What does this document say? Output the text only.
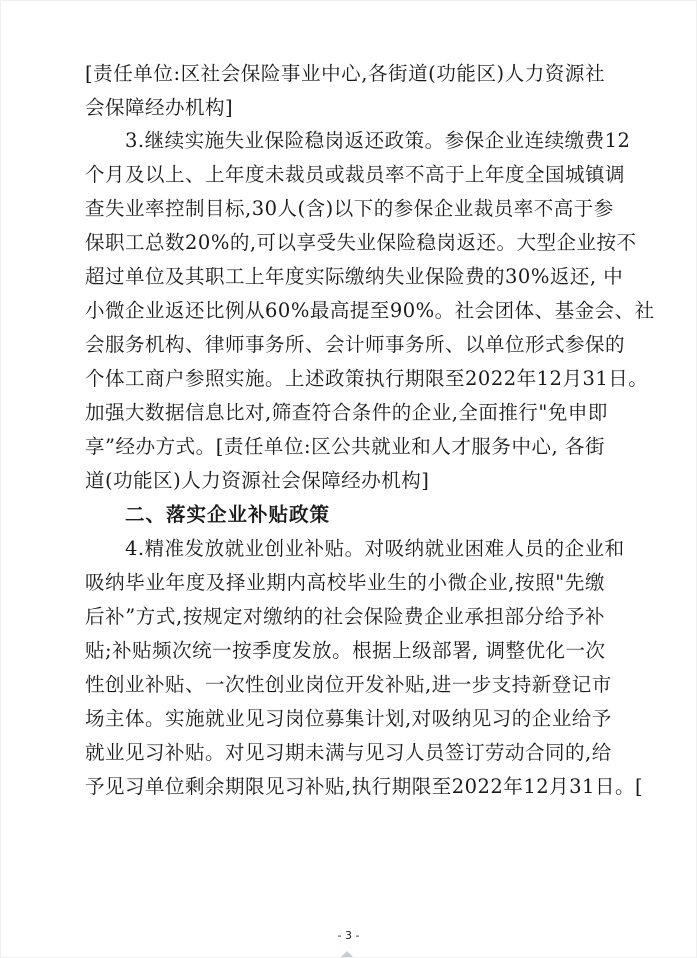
[责任单位:区社会保险事业中心,各街道(功能区)人力资源社
会保障经办机构]
3.继续实施失业保险稳岗返还政策。参保企业连续缴费12
个月及以上、上年度未裁员或裁员率不高于上年度全国城镇调
查失业率控制目标,30人(含)以下的参保企业裁员率不高于参
保职工总数20%的,可以享受失业保险稳岗返还。大型企业按不
超过单位及其职工上年度实际缴纳失业保险费的30%返还, 中
小微企业返还比例从60%最高提至90%。社会团体、基金会、社
会服务机构、律师事务所、会计师事务所、以单位形式参保的
个体工商户参照实施。上述政策执行期限至2022年12月31日。
加强大数据信息比对,筛查符合条件的企业,全面推行"免申即
享”经办方式。[责任单位:区公共就业和人才服务中心, 各街
道(功能区)人力资源社会保障经办机构]
二、落实企业补贴政策
4.精准发放就业创业补贴。对吸纳就业困难人员的企业和
吸纳毕业年度及择业期内高校毕业生的小微企业,按照"先缴
后补”方式,按规定对缴纳的社会保险费企业承担部分给予补
贴;补贴频次统一按季度发放。根据上级部署, 调整优化一次
性创业补贴、一次性创业岗位开发补贴,进一步支持新登记市
场主体。实施就业见习岗位募集计划,对吸纳见习的企业给予
就业见习补贴。对见习期未满与见习人员签订劳动合同的,给
予见习单位剩余期限见习补贴,执行期限至2022年12月31日。[
- 3 -
